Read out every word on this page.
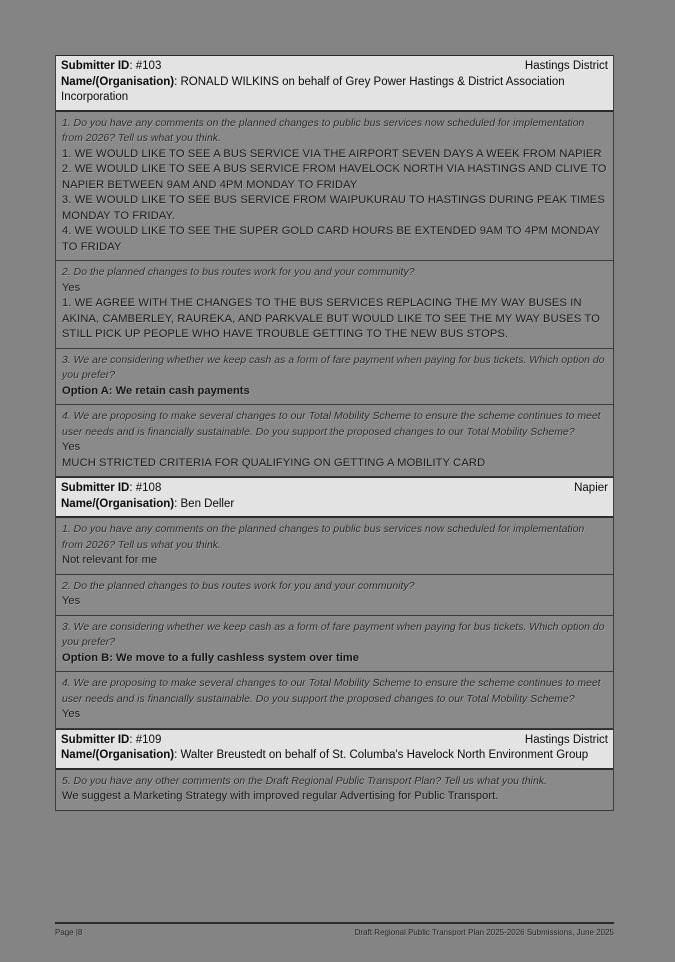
Submitter ID: #103	Hastings District
Name/(Organisation): RONALD WILKINS on behalf of Grey Power Hastings & District Association Incorporation

1. Do you have any comments on the planned changes to public bus services now scheduled for implementation from 2026? Tell us what you think.

1. WE WOULD LIKE TO SEE A BUS SERVICE VIA THE AIRPORT SEVEN DAYS A WEEK FROM NAPIER

2. WE WOULD LIKE TO SEE A BUS SERVICE FROM HAVELOCK NORTH VIA HASTINGS AND CLIVE TO NAPIER BETWEEN 9AM AND 4PM MONDAY TO FRIDAY

3. WE WOULD LIKE TO SEE BUS SERVICE FROM WAIPUKURAU TO HASTINGS DURING PEAK TIMES MONDAY TO FRIDAY.

4. WE WOULD LIKE TO SEE THE SUPER GOLD CARD HOURS BE EXTENDED 9AM TO 4PM MONDAY TO FRIDAY

2. Do the planned changes to bus routes work for you and your community?

Yes

1. WE AGREE WITH THE CHANGES TO THE BUS SERVICES REPLACING THE MY WAY BUSES IN AKINA, CAMBERLEY, RAUREKA, AND PARKVALE BUT WOULD LIKE TO SEE THE MY WAY BUSES TO STILL PICK UP PEOPLE WHO HAVE TROUBLE GETTING TO THE NEW BUS STOPS.

3. We are considering whether we keep cash as a form of fare payment when paying for bus tickets. Which option do you prefer?

Option A: We retain cash payments

4. We are proposing to make several changes to our Total Mobility Scheme to ensure the scheme continues to meet user needs and is financially sustainable. Do you support the proposed changes to our Total Mobility Scheme?

Yes

MUCH STRICTED CRITERIA FOR QUALIFYING ON GETTING A MOBILITY CARD

Submitter ID: #108	Napier
Name/(Organisation): Ben Deller

1. Do you have any comments on the planned changes to public bus services now scheduled for implementation from 2026? Tell us what you think.

Not relevant for me

2. Do the planned changes to bus routes work for you and your community?

Yes

3. We are considering whether we keep cash as a form of fare payment when paying for bus tickets. Which option do you prefer?

Option B: We move to a fully cashless system over time

4. We are proposing to make several changes to our Total Mobility Scheme to ensure the scheme continues to meet user needs and is financially sustainable. Do you support the proposed changes to our Total Mobility Scheme?

Yes

Submitter ID: #109	Hastings District
Name/(Organisation): Walter Breustedt on behalf of St. Columba's Havelock North Environment Group

5. Do you have any other comments on the Draft Regional Public Transport Plan? Tell us what you think.

We suggest a Marketing Strategy with improved regular Advertising for Public Transport.

Page |8	Draft Regional Public Transport Plan 2025-2026 Submissions, June 2025
